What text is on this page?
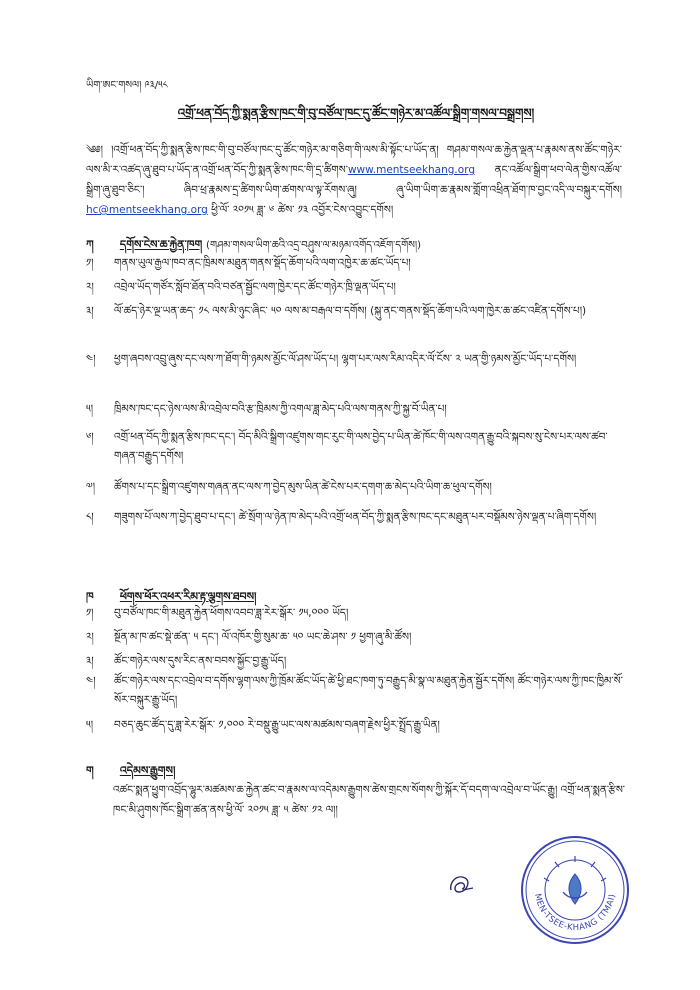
ཡིག་ཨང་གསལ། ༩༣/༥༨
འགྲོ་ཕན་བོད་ཀྱི་སྨན་རྩིས་ཁང་གི་བུ་བཙོལ་ཁང་དུ་ཚོང་གཉེར་མ་འཚོལ་སྒྲིག་གསལ་བསྒྲགས།
༄༅། །འགྲོ་ཕན་བོད་ཀྱི་སྨན་རྩིས་ཁང་གི་བུ་བཙོལ་ཁང་དུ་ཚོང་གཉེར་མ་གཅིག་གི་ལས་མི་སྟོང་པ་ཡོད་ན། གཤམ་གསལ་ཆ་རྐྱེན་ལྡན་པ་རྣམས་ནས་ཚོང་གཉེར་ལས་མི་ར་འཚད་ཞུ་ཐུབ་པ་ཡོད་ན་འགྲོ་ཕན་བོད་ཀྱི་སྨན་རྩིས་ཁང་གི་དྲ་ཚིགས་www.mentseekhang.org ནང་འཚོལ་སྒྲིག་ཕབ་ལེན་གྱིས་འཚོལ་སྒྲིག་ཞུ་ཐུབ་ཅིང་། ཞིབ་ཕྲ་རྣམས་དྲ་ཚིགས་ཡིག་ཚགས་ལ་ལྟ་རོགས་ཞུ། ཞུ་ཡིག་ཡིག་ཆ་རྣམས་གློག་འཕྲིན་ཐོག་ཁ་བྱང་འདི་ལ་བསྐུར་དགོས། hc@mentseekhang.org ཕྱི་ལོ་ ༢༠༡༥ ཟླ་ ༦ ཚེས་ ༡༣ འབྱོར་ངེས་འབྱུང་དགོས།
ཀ དགོས་ངེས་ཆ་རྐྱེན་ཁག (གཤམ་གསལ་ཡིག་ཆའི་འདྲ་བཤུས་ལ་མཉམ་འགོད་འཇོག་དགོས།)
༡།	གནས་ཡུལ་རྒྱལ་ཁབ་ནང་ཁྲིམས་མཐུན་གནས་སྡོད་ཆོག་པའི་ལག་འཁྱེར་ཆ་ཚང་ཡོད་པ།
༢།	འབྲེལ་ཡོད་གཙོར་སློབ་ཐོན་བའི་བཙན་སྦྱོང་ལག་ཁྱེར་དང་ཚོང་གཉེར་ཁྲི་ལྡན་ཡོད་པ།
༣།	ལོ་ཚད་ཉེར་ལྔ་ཡན་ཆད་ ༡༨ ལས་མི་ཉུང་ཞིང་ ༥༠ ལས་མ་བརྒལ་བ་དགོས། (སྐུ་ནང་གནས་སྡོད་ཆོག་པའི་ལག་ཁྱེར་ཆ་ཚང་འཛིན་དགོས་པ།)
༤།	ཕྱག་ཞབས་འབྲུ་ཞུས་དང་ལས་ཀ་ཐོག་གི་ཉམས་མྱོང་ལོ་ཤས་ཡོད་པ། ལྷག་པར་ལས་རིམ་འདིར་ལོ་ངོས་ ༢ ཡན་གྱི་ཉམས་མྱོང་ཡོད་པ་དགོས།
༥།	ཁྲིམས་ཁང་དང་ཉེས་ལས་མི་འབྲེལ་བའི་རྩ་ཁྲིམས་ཀྱི་འགལ་ཟླ་མེད་པའི་ལས་གནས་ཀྱི་སྐྱ་བོ་ཡིན་པ།
༦།	འགྲོ་ཕན་བོད་ཀྱི་སྨན་རྩིས་ཁང་དང་། བོད་མིའི་སྒྲིག་འཛུགས་གང་རུང་གི་ལས་བྱེད་པ་ཡིན་ཚེ་ཁོང་གི་ལས་འགན་རྒྱུ་བའི་སྐབས་སུ་ངེས་པར་ལས་ཚབ་གཞན་བརྒྱུད་དགོས།
༧།	ཚོགས་པ་དང་སྒྲིག་འཛུགས་གཞན་ནང་ལས་ཀ་བྱེད་མུས་ཡིན་ཚེ་ངེས་པར་དགག་ཆ་མེད་པའི་ཡིག་ཆ་ཕུལ་དགོས།
༨།	གཟུགས་པོ་ལས་ཀ་བྱེད་ཐུབ་པ་དང་། ཚེ་སྲོག་ལ་ཉེན་ཁ་མེད་པའི་འགྲོ་ཕན་བོད་ཀྱི་སྨན་རྩིས་ཁང་དང་མཐུན་པར་བསྡོམས་ཉེས་ལྡན་པ་ཞིག་དགོས།
ཁ ཕོགས་ཕོར་འཕར་རིམ་རྟ་ལྕགས་ཐབས།
༡།	བུ་བཙོལ་ཁང་གི་མཐུན་རྐྱེན་ཕོགས་འབབ་ཟླ་རེར་སྒོར་ ༡༥,༠༠༠ ཡོད།
༢།	སྔོན་མ་ཁ་ཚང་སྡེ་ཚན་ ༥ དང་། ལོ་འཁོར་གྱི་སུམ་ཆ་ ༥༠ ཡང་ཆེ་ཤས་ ༡ ཕྱག་ཞུ་མི་ཚོས།
༣།	ཚོང་གཉེར་ལས་དུས་རིང་ནས་བབས་སྐྱོང་བྱ་རྒྱུ་ཡོད།
༤།	ཚོང་གཉེར་ལས་དང་འབྲེལ་བ་དགོས་ལྷག་ལས་ཀྱི་ཁྲོམ་ཚོང་ཡོད་ཚེ་ཕྱི་ཐང་ཁག་ཏུ་བརྒྱུད་མི་སྣ་ལ་མཐུན་རྐྱེན་སྦྱོར་དགོས། ཚོང་གཉེར་ལས་ཀྱི་ཁང་ཁྱིམ་སོ་སོར་བསྐུར་རྒྱུ་ཡོད།
༥།	བཅད་ཆུང་ཚོད་དུ་ཟླ་རེར་སྒོར་ ༡,༠༠༠ རེ་བསྡུ་རྒྱུ་ཡང་ལས་མཚམས་བཞག་རྗེས་ཕྱིར་སྤྲོད་རྒྱུ་ཡིན།
ག འདེམས་རྒྱུགས།
འཚང་སྨན་ཕྱུག་འབྲོད་ལྷུར་མཚམས་ཆ་རྐྱེན་ཚང་བ་རྣམས་ལ་འདེམས་རྒྱུགས་ཚེས་གྲངས་སོགས་ཀྱི་སྐོར་དོ་བདག་ལ་འབྲེལ་བ་ཡོང་རྒྱུ། འགྲོ་ཕན་སྨན་རྩིས་ཁང་མི་ཤུགས་ཁོང་སྒྲིག་ཚན་ནས་ཕྱི་ལོ་ ༢༠༡༥ ཟླ་ ༥ ཚེས་ ༡༢ ལ།།
MEN-TSEE-KHANG (TMAI)
